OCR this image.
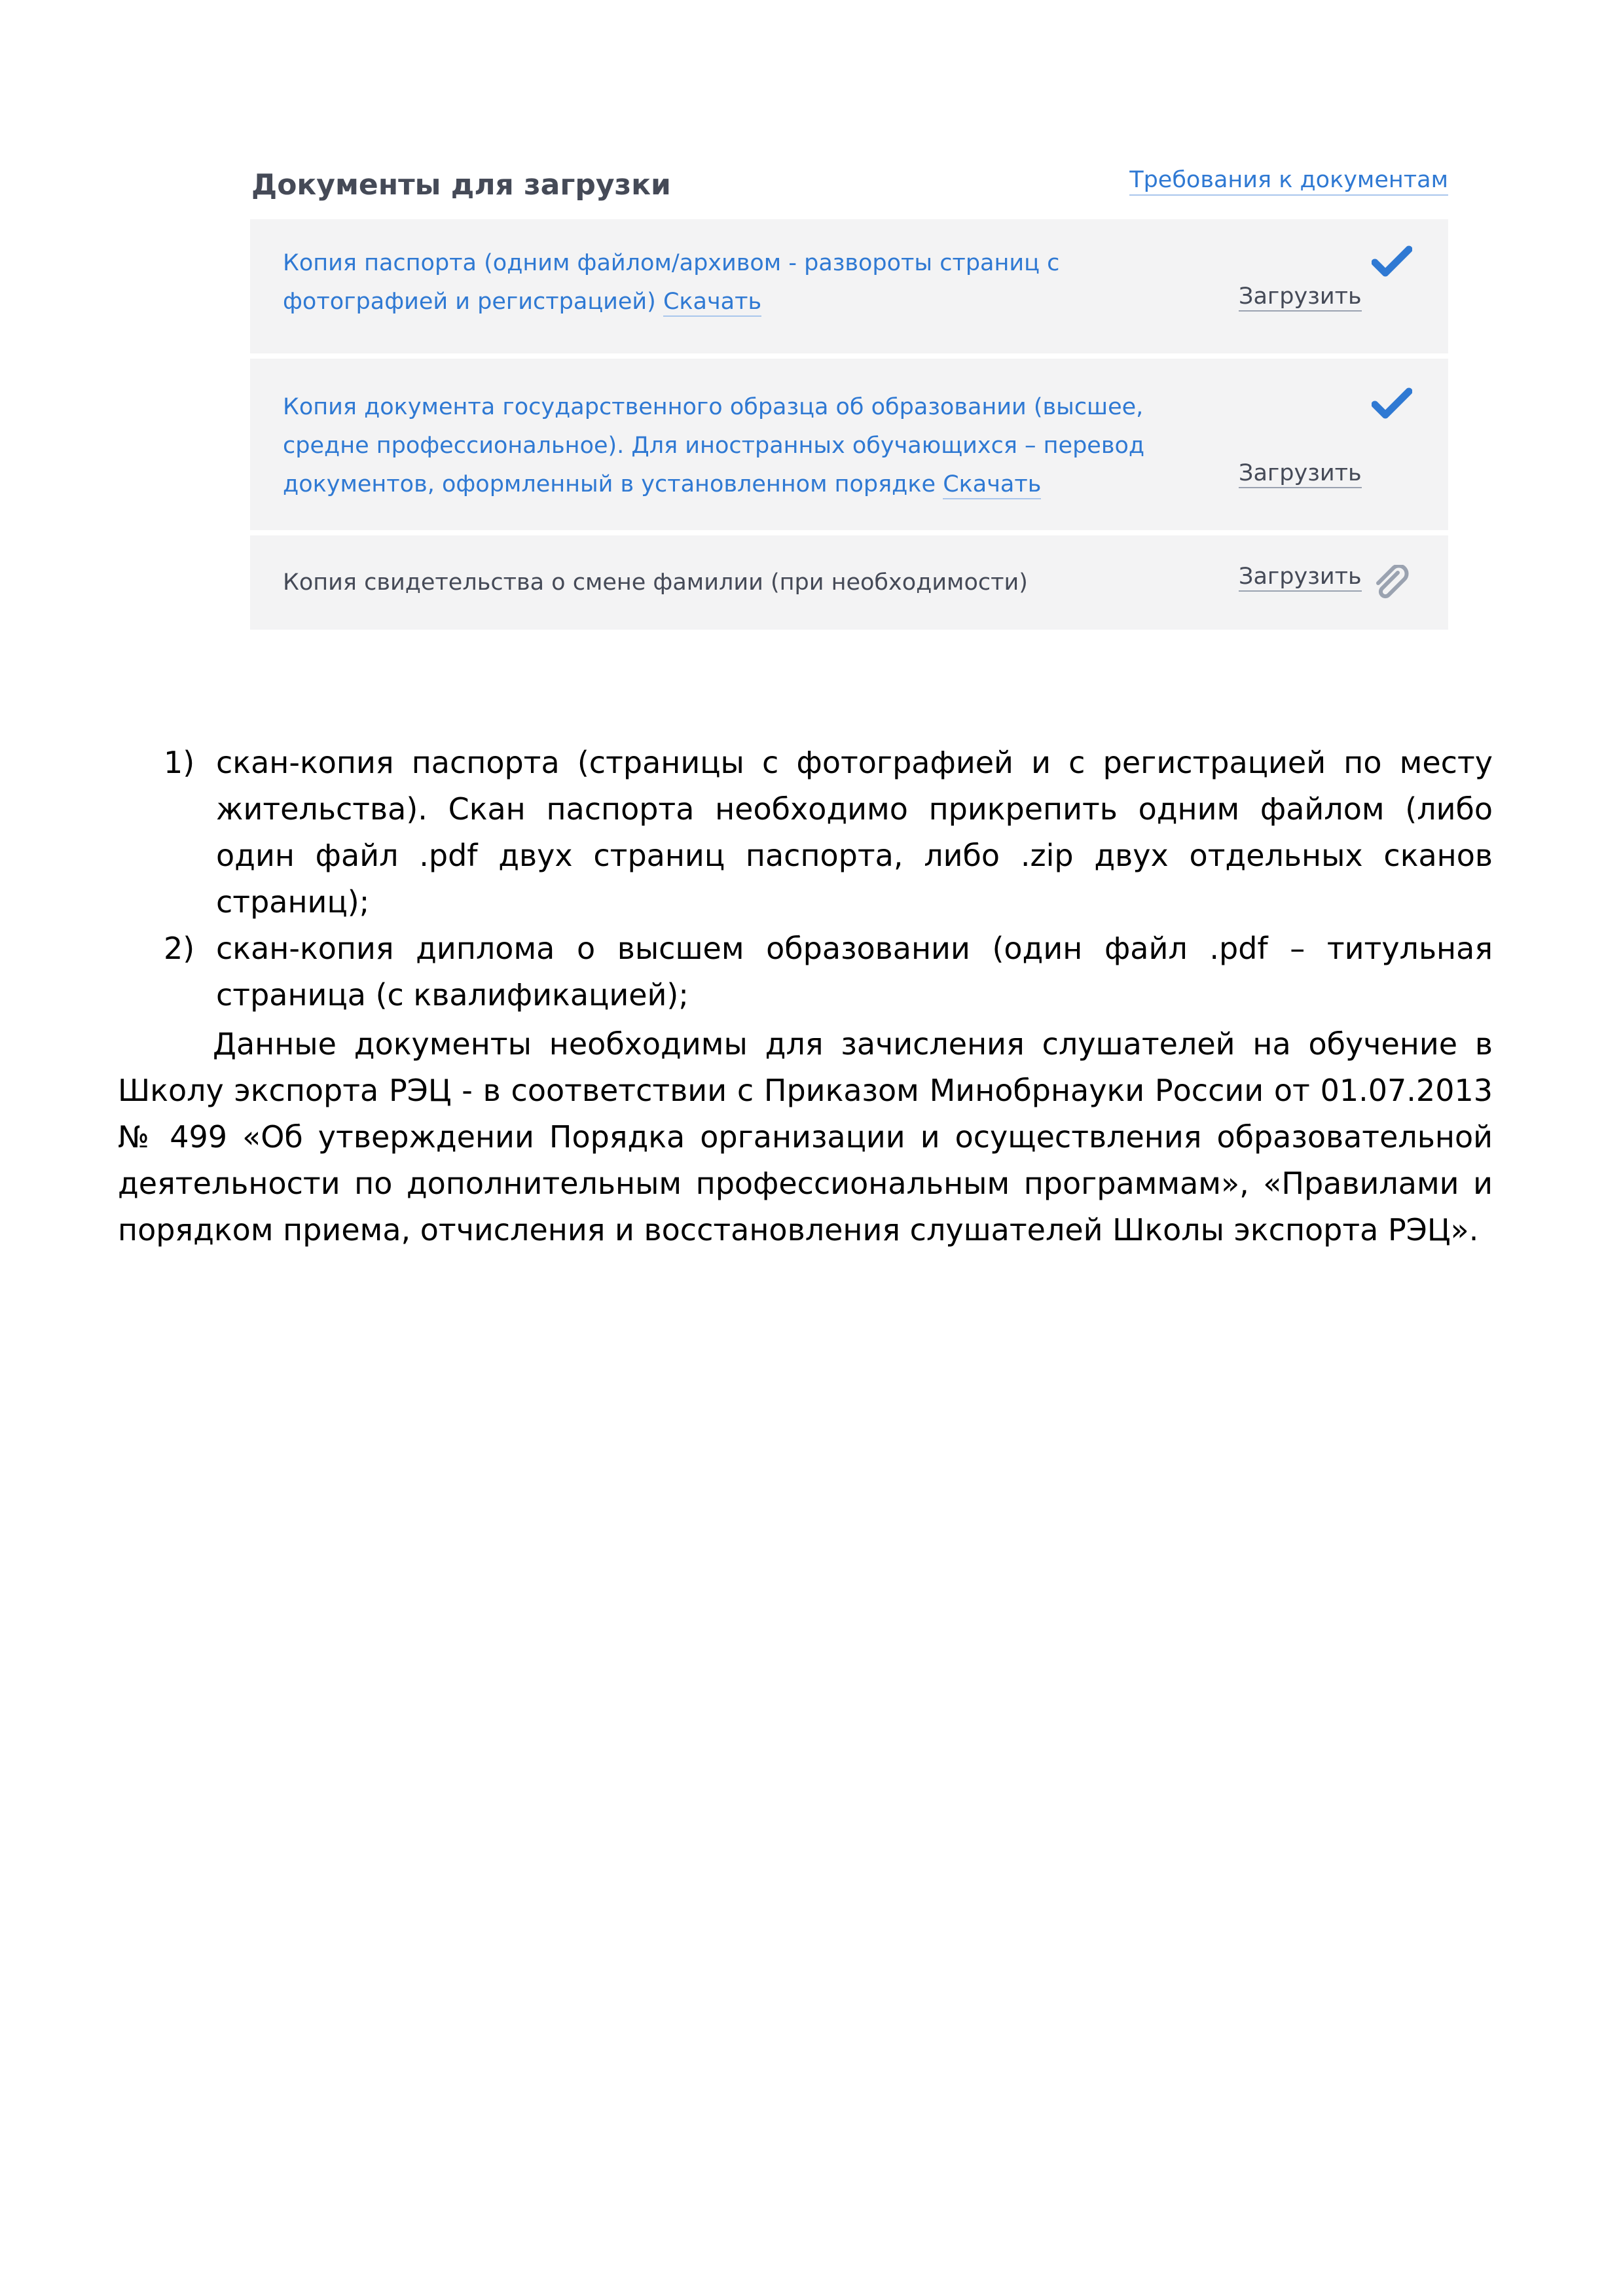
Документы для загрузки	Требования к документам
Копия паспорта (одним файлом/архивом - развороты страниц с фотографией и регистрацией) Скачать	Загрузить
Копия документа государственного образца об образовании (высшее, средне профессиональное). Для иностранных обучающихся – перевод документов, оформленный в установленном порядке Скачать	Загрузить
Копия свидетельства о смене фамилии (при необходимости)	Загрузить
1) скан-копия паспорта (страницы с фотографией и с регистрацией по месту жительства). Скан паспорта необходимо прикрепить одним файлом (либо один файл .pdf двух страниц паспорта, либо .zip двух отдельных сканов страниц);
2) скан-копия диплома о высшем образовании (один файл .pdf – титульная страница (с квалификацией);
Данные документы необходимы для зачисления слушателей на обучение в Школу экспорта РЭЦ - в соответствии с Приказом Минобрнауки России от 01.07.2013 № 499 «Об утверждении Порядка организации и осуществления образовательной деятельности по дополнительным профессиональным программам», «Правилами и порядком приема, отчисления и восстановления слушателей Школы экспорта РЭЦ».
